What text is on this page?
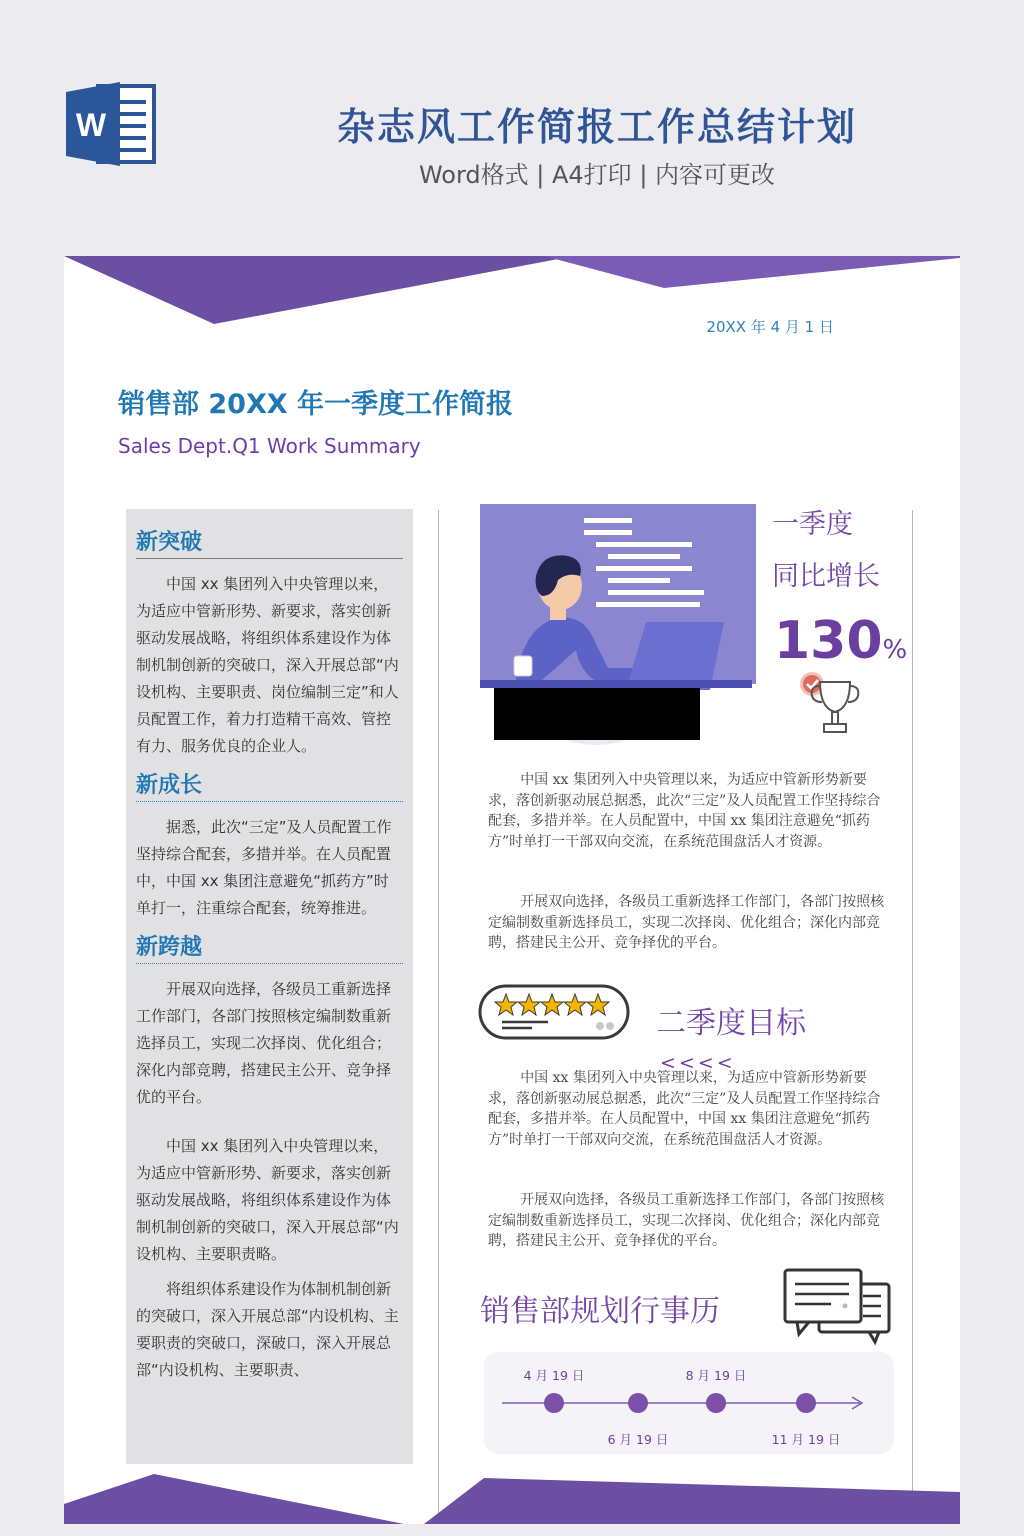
W	杂志风工作简报工作总结计划
Word格式 | A4打印 | 内容可更改
20XX 年 4 月 1 日
销售部 20XX 年一季度工作简报
Sales Dept.Q1 Work Summary
新突破

中国 xx 集团列入中央管理以来，为适应中管新形势、新要求，落实创新驱动发展战略，将组织体系建设作为体制机制创新的突破口，深入开展总部“内设机构、主要职责、岗位编制三定”和人员配置工作，着力打造精干高效、管控有力、服务优良的企业人。

新成长

据悉，此次“三定”及人员配置工作坚持综合配套，多措并举。在人员配置中，中国 xx 集团注意避免“抓药方”时单打一，注重综合配套，统筹推进。

新跨越

开展双向选择，各级员工重新选择工作部门，各部门按照核定编制数重新选择员工，实现二次择岗、优化组合；深化内部竞聘，搭建民主公开、竞争择优的平台。

中国 xx 集团列入中央管理以来，为适应中管新形势、新要求，落实创新驱动发展战略，将组织体系建设作为体制机制创新的突破口，深入开展总部“内设机构、主要职责略。

将组织体系建设作为体制机制创新的突破口，深入开展总部“内设机构、主要职责的突破口，深破口，深入开展总部“内设机构、主要职责、

一季度
同比增长
130%

中国 xx 集团列入中央管理以来，为适应中管新形势新要求，落创新驱动展总据悉，此次“三定”及人员配置工作坚持综合配套，多措并举。在人员配置中，中国 xx 集团注意避免“抓药方”时单打一干部双向交流，在系统范围盘活人才资源。

开展双向选择，各级员工重新选择工作部门，各部门按照核定编制数重新选择员工，实现二次择岗、优化组合；深化内部竞聘，搭建民主公开、竞争择优的平台。

二季度目标
<<<<

中国 xx 集团列入中央管理以来，为适应中管新形势新要求，落创新驱动展总据悉，此次“三定”及人员配置工作坚持综合配套，多措并举。在人员配置中，中国 xx 集团注意避免“抓药方”时单打一干部双向交流，在系统范围盘活人才资源。

开展双向选择，各级员工重新选择工作部门，各部门按照核定编制数重新选择员工，实现二次择岗、优化组合；深化内部竞聘，搭建民主公开、竞争择优的平台。

销售部规划行事历
4 月 19 日
6 月 19 日
8 月 19 日
11 月 19 日
